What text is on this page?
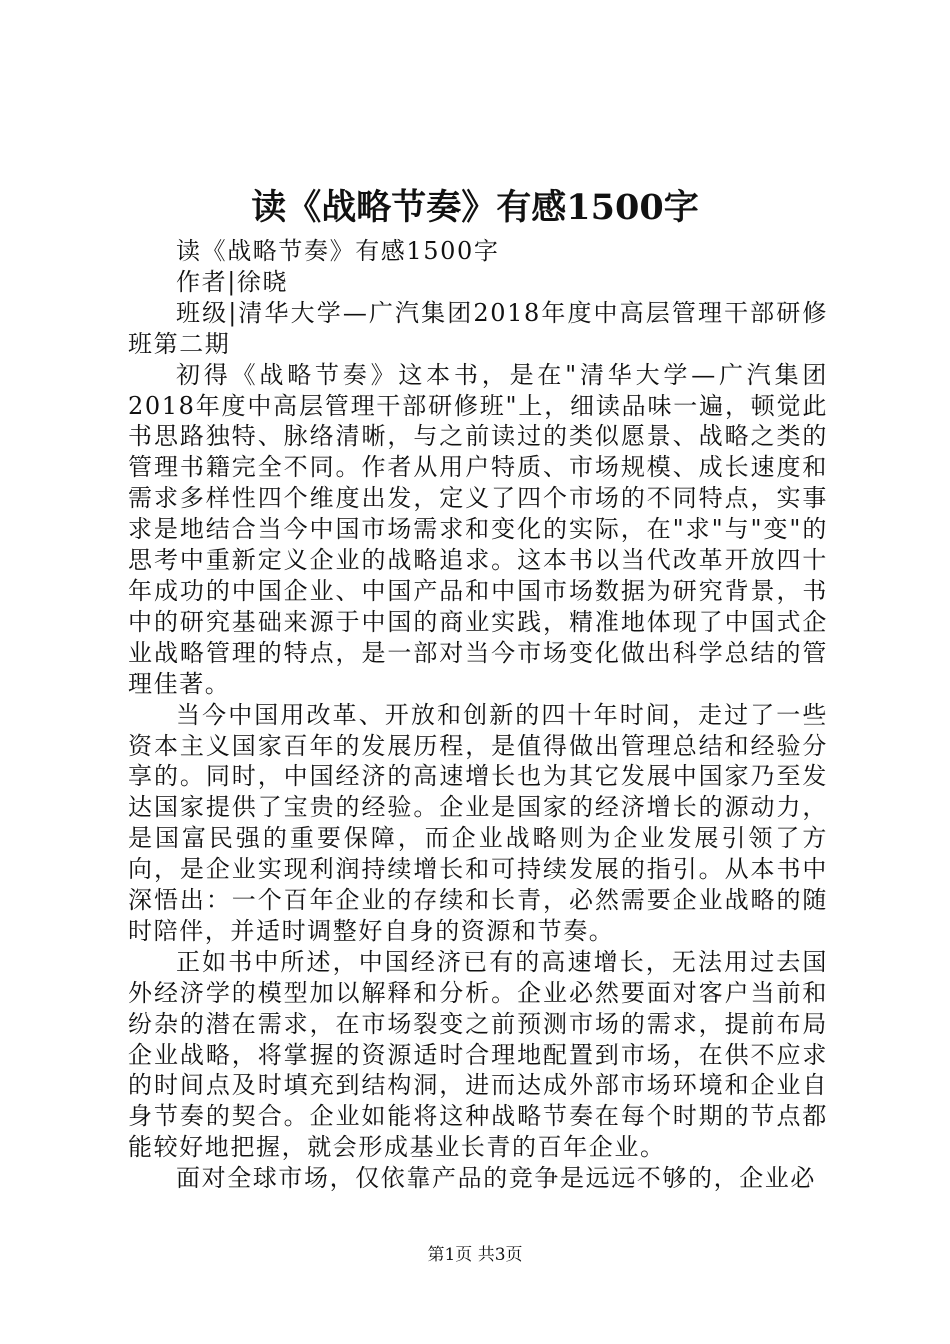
读《战略节奏》有感1500字

读《战略节奏》有感1500字

作者|徐晓

班级|清华大学—广汽集团2018年度中高层管理干部研修班第二期

初得《战略节奏》这本书，是在"清华大学—广汽集团2018年度中高层管理干部研修班"上，细读品味一遍，顿觉此书思路独特、脉络清晰，与之前读过的类似愿景、战略之类的管理书籍完全不同。作者从用户特质、市场规模、成长速度和需求多样性四个维度出发，定义了四个市场的不同特点，实事求是地结合当今中国市场需求和变化的实际，在"求"与"变"的思考中重新定义企业的战略追求。这本书以当代改革开放四十年成功的中国企业、中国产品和中国市场数据为研究背景，书中的研究基础来源于中国的商业实践，精准地体现了中国式企业战略管理的特点，是一部对当今市场变化做出科学总结的管理佳著。

当今中国用改革、开放和创新的四十年时间，走过了一些资本主义国家百年的发展历程，是值得做出管理总结和经验分享的。同时，中国经济的高速增长也为其它发展中国家乃至发达国家提供了宝贵的经验。企业是国家的经济增长的源动力，是国富民强的重要保障，而企业战略则为企业发展引领了方向，是企业实现利润持续增长和可持续发展的指引。从本书中深悟出：一个百年企业的存续和长青，必然需要企业战略的随时陪伴，并适时调整好自身的资源和节奏。

正如书中所述，中国经济已有的高速增长，无法用过去国外经济学的模型加以解释和分析。企业必然要面对客户当前和纷杂的潜在需求，在市场裂变之前预测市场的需求，提前布局企业战略，将掌握的资源适时合理地配置到市场，在供不应求的时间点及时填充到结构洞，进而达成外部市场环境和企业自身节奏的契合。企业如能将这种战略节奏在每个时期的节点都能较好地把握，就会形成基业长青的百年企业。

面对全球市场，仅依靠产品的竞争是远远不够的，企业必

第1页 共3页
